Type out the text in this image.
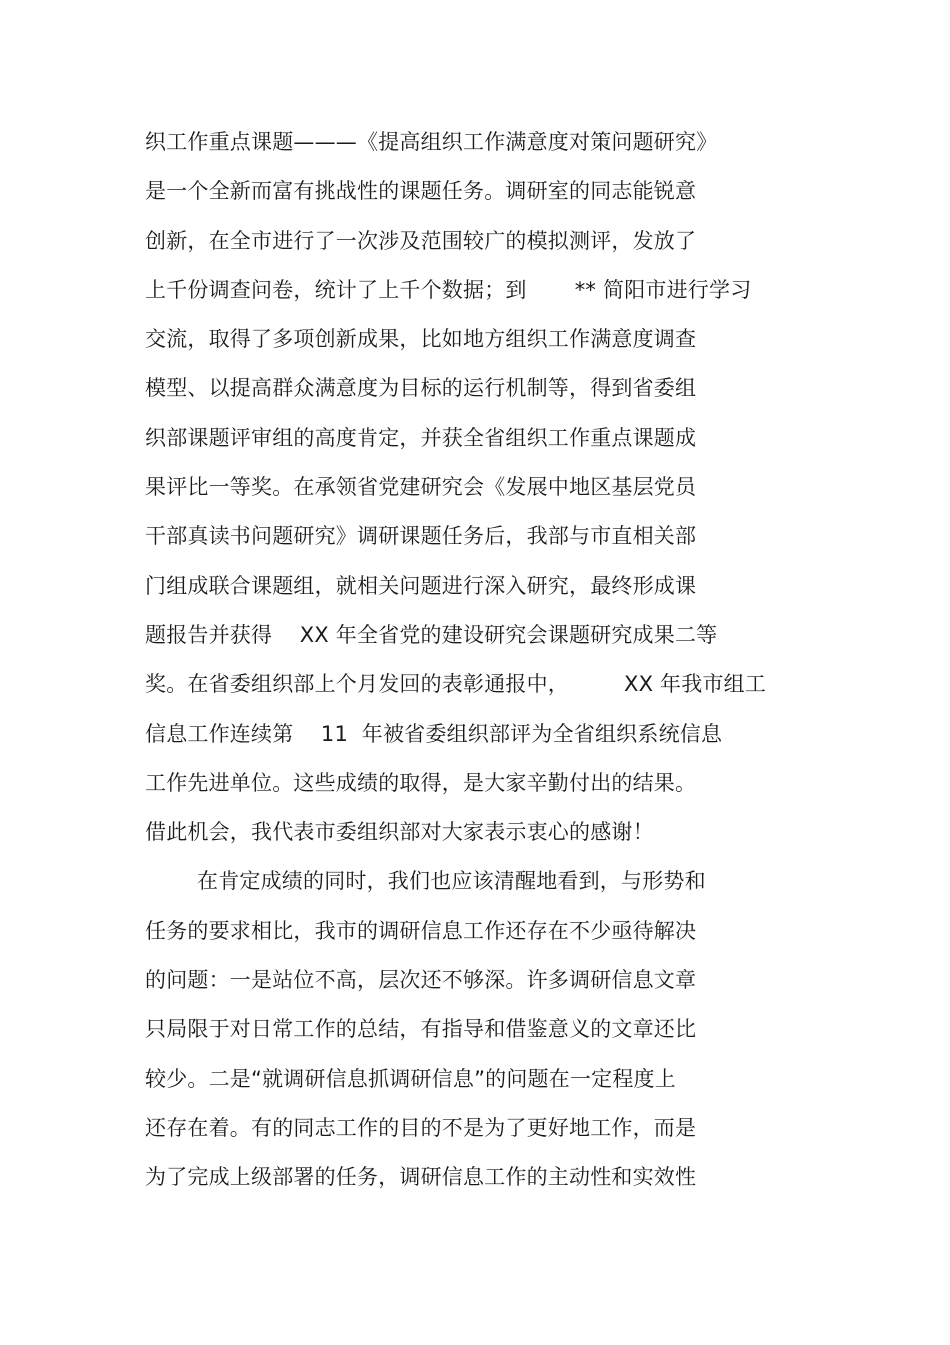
织工作重点课题———《提高组织工作满意度对策问题研究》
是一个全新而富有挑战性的课题任务。调研室的同志能锐意
创新，在全市进行了一次涉及范围较广的模拟测评，发放了
上千份调查问卷，统计了上千个数据；到       ** 简阳市进行学习
交流，取得了多项创新成果，比如地方组织工作满意度调查
模型、以提高群众满意度为目标的运行机制等，得到省委组
织部课题评审组的高度肯定，并获全省组织工作重点课题成
果评比一等奖。在承领省党建研究会《发展中地区基层党员
干部真读书问题研究》调研课题任务后，我部与市直相关部
门组成联合课题组，就相关问题进行深入研究，最终形成课
题报告并获得    XX 年全省党的建设研究会课题研究成果二等
奖。在省委组织部上个月发回的表彰通报中，        XX 年我市组工
信息工作连续第    11  年被省委组织部评为全省组织系统信息
工作先进单位。这些成绩的取得，是大家辛勤付出的结果。
借此机会，我代表市委组织部对大家表示衷心的感谢！
在肯定成绩的同时，我们也应该清醒地看到，与形势和
任务的要求相比，我市的调研信息工作还存在不少亟待解决
的问题：一是站位不高，层次还不够深。许多调研信息文章
只局限于对日常工作的总结，有指导和借鉴意义的文章还比
较少。二是“就调研信息抓调研信息”的问题在一定程度上
还存在着。有的同志工作的目的不是为了更好地工作，而是
为了完成上级部署的任务，调研信息工作的主动性和实效性
